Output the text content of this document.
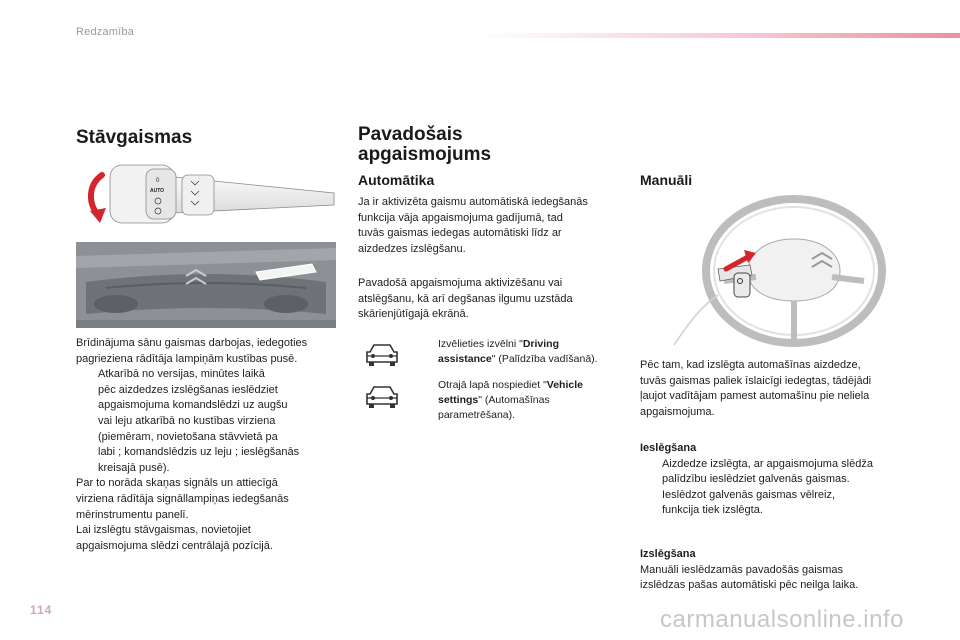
Redzamība
Stāvgaismas
0
AUTO

Brīdinājuma sānu gaismas darbojas, iedegoties

pagrieziena rādītāja lampiņām kustības pusē.

Atkarībā no versijas, minūtes laikā

pēc aizdedzes izslēgšanas ieslēdziet

apgaismojuma komandslēdzi uz augšu

vai leju atkarībā no kustības virziena

(piemēram, novietošana stāvvietā pa

labi ; komandslēdzis uz leju ; ieslēgšanās

kreisajā pusē).

Par to norāda skaņas signāls un attiecīgā

virziena rādītāja signāllampiņas iedegšanās

mērinstrumentu panelī.

Lai izslēgtu stāvgaismas, novietojiet

apgaismojuma slēdzi centrālajā pozīcijā.

Pavadošais
apgaismojums
Automātika

Ja ir aktivizēta gaismu automātiskā iedegšanās

funkcija vāja apgaismojuma gadījumā, tad

tuvās gaismas iedegas automātiski līdz ar

aizdedzes izslēgšanu.

Pavadošā apgaismojuma aktivizēšanu vai

atslēgšanu, kā arī degšanas ilgumu uzstāda

skārienjūtīgajā ekrānā.

Izvēlieties izvēlni "Driving
assistance" (Palīdzība vadīšanā).
Otrajā lapā nospiediet "Vehicle
settings" (Automašīnas
parametrēšana).
Manuāli

Pēc tam, kad izslēgta automašīnas aizdedze,

tuvās gaismas paliek īslaicīgi iedegtas, tādējādi

ļaujot vadītājam pamest automašīnu pie neliela

apgaismojuma.

Ieslēgšana

Aizdedze izslēgta, ar apgaismojuma slēdža

palīdzību ieslēdziet galvenās gaismas.

Ieslēdzot galvenās gaismas vēlreiz,

funkcija tiek izslēgta.

Izslēgšana

Manuāli ieslēdzamās pavadošās gaismas

izslēdzas pašas automātiski pēc neilga laika.

114	carmanualsonline.info
